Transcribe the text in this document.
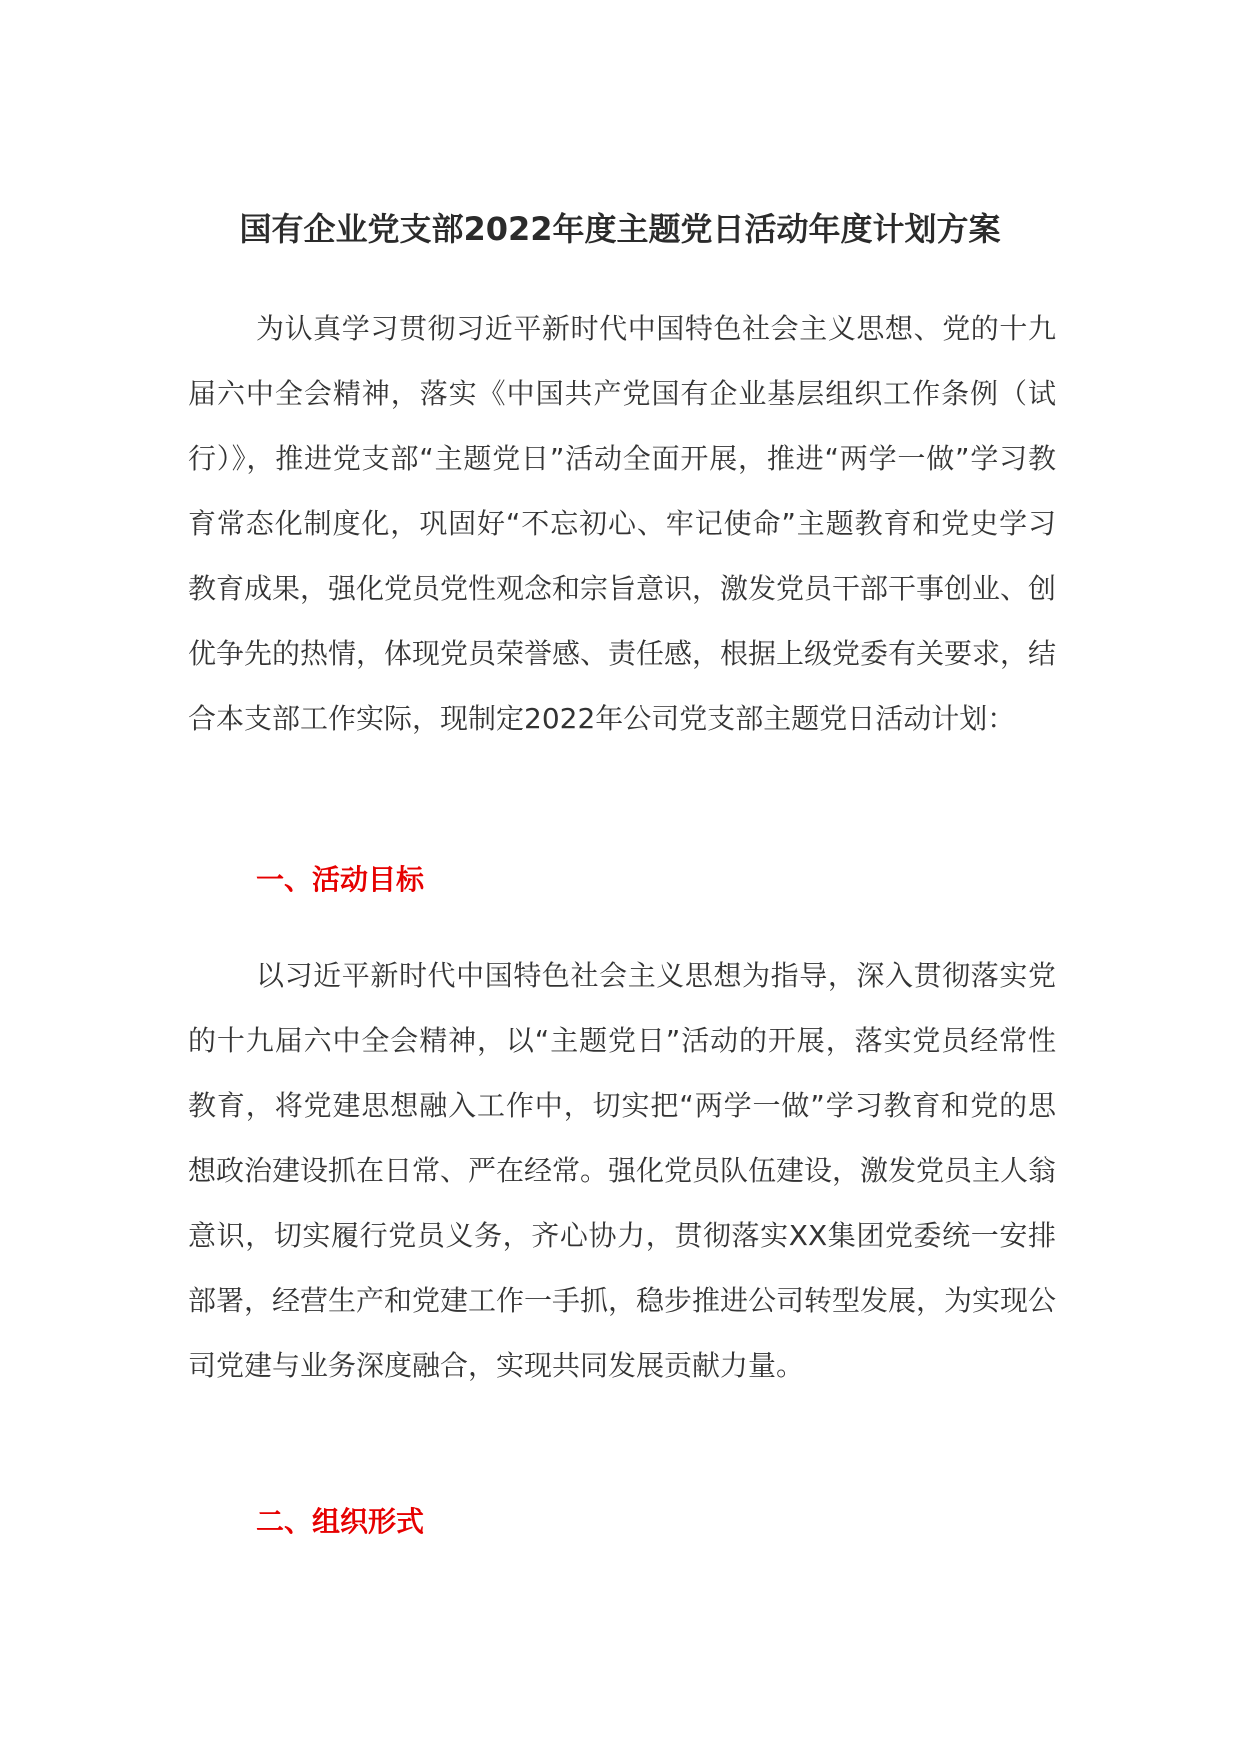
国有企业党支部2022年度主题党日活动年度计划方案

为认真学习贯彻习近平新时代中国特色社会主义思想、党的十九届六中全会精神，落实《中国共产党国有企业基层组织工作条例（试行）》，推进党支部“主题党日”活动全面开展，推进“两学一做”学习教育常态化制度化，巩固好“不忘初心、牢记使命”主题教育和党史学习教育成果，强化党员党性观念和宗旨意识，激发党员干部干事创业、创优争先的热情，体现党员荣誉感、责任感，根据上级党委有关要求，结合本支部工作实际，现制定2022年公司党支部主题党日活动计划：

一、活动目标

以习近平新时代中国特色社会主义思想为指导，深入贯彻落实党的十九届六中全会精神，以“主题党日”活动的开展，落实党员经常性教育，将党建思想融入工作中，切实把“两学一做”学习教育和党的思想政治建设抓在日常、严在经常。强化党员队伍建设，激发党员主人翁意识，切实履行党员义务，齐心协力，贯彻落实XX集团党委统一安排部署，经营生产和党建工作一手抓，稳步推进公司转型发展，为实现公司党建与业务深度融合，实现共同发展贡献力量。

二、组织形式
